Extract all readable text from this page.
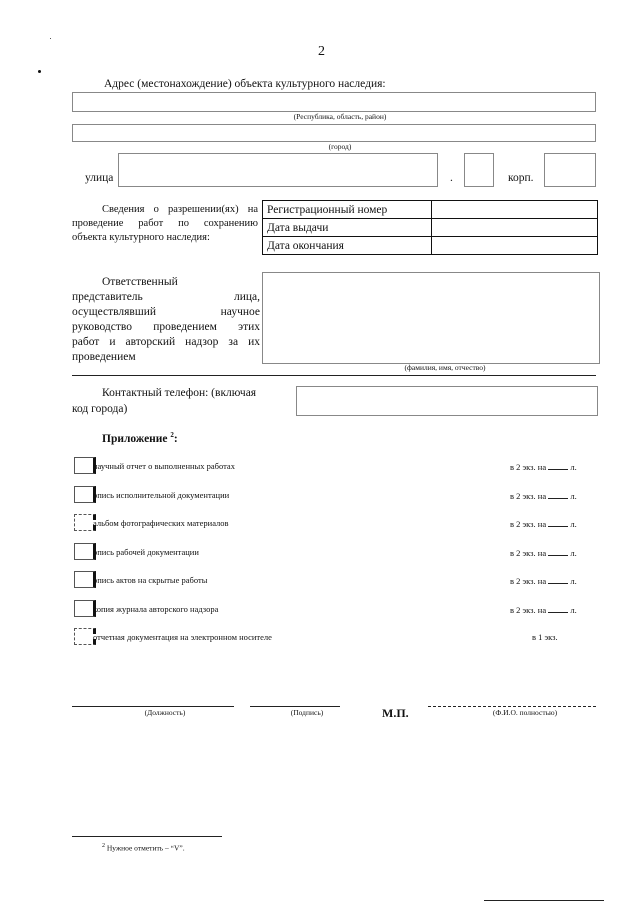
2
Адрес (местонахождение) объекта культурного наследия:
(Республика, область, район)
(город)
улица	.	корп.
Сведения о разрешении(ях) на проведение работ по сохранению объекта культурного наследия:
Регистрационный номер	
Дата выдачи	
Дата окончания	
Ответственный
представитель	лица,
осуществлявший	научное
руководство проведением этих
работ и авторский надзор за их
проведением
(фамилия, имя, отчество)
Контактный телефон: (включая
код города)
Приложение $^2$:
научный отчет о выполненных работах	в 2 экз. на	л.
опись исполнительной документации	в 2 экз. на	л.
альбом фотографических материалов	в 2 экз. на	л.
опись рабочей документации	в 2 экз. на	л.
опись актов на скрытые работы	в 2 экз. на	л.
копия журнала авторского надзора	в 2 экз. на	л.
отчетная документация на электронном носителе	в 1 экз.
(Должность)	(Подпись)	М.П.	(Ф.И.О. полностью)
$^2$ Нужное отметить – “V”.
